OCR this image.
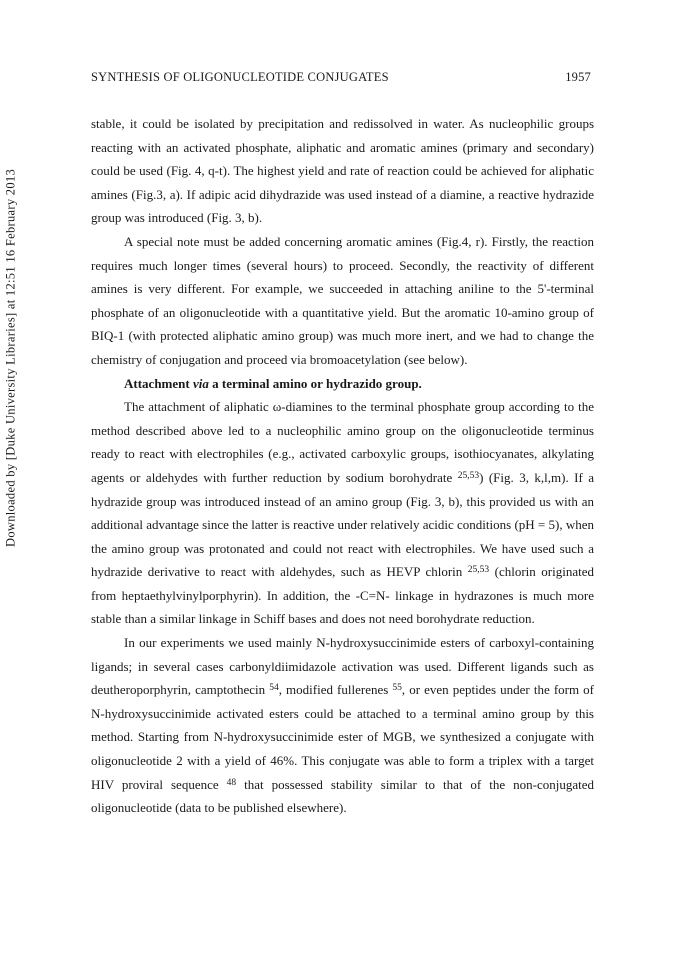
SYNTHESIS OF OLIGONUCLEOTIDE CONJUGATES	1957
Downloaded by [Duke University Libraries] at 12:51 16 February 2013

stable, it could be isolated by precipitation and redissolved in water. As nucleophilic groups reacting with an activated phosphate, aliphatic and aromatic amines (primary and secondary) could be used (Fig. 4, q-t). The highest yield and rate of reaction could be achieved for aliphatic amines (Fig.3, a). If adipic acid dihydrazide was used instead of a diamine, a reactive hydrazide group was introduced (Fig. 3, b).

A special note must be added concerning aromatic amines (Fig.4, r). Firstly, the reaction requires much longer times (several hours) to proceed. Secondly, the reactivity of different amines is very different. For example, we succeeded in attaching aniline to the 5'-terminal phosphate of an oligonucleotide with a quantitative yield. But the aromatic 10-amino group of BIQ-1 (with protected aliphatic amino group) was much more inert, and we had to change the chemistry of conjugation and proceed via bromoacetylation (see below).

Attachment via a terminal amino or hydrazido group.

The attachment of aliphatic ω-diamines to the terminal phosphate group according to the method described above led to a nucleophilic amino group on the oligonucleotide terminus ready to react with electrophiles (e.g., activated carboxylic groups, isothiocyanates, alkylating agents or aldehydes with further reduction by sodium borohydrate $^{25,53}$) (Fig. 3, k,l,m). If a hydrazide group was introduced instead of an amino group (Fig. 3, b), this provided us with an additional advantage since the latter is reactive under relatively acidic conditions (pH = 5), when the amino group was protonated and could not react with electrophiles. We have used such a hydrazide derivative to react with aldehydes, such as HEVP chlorin $^{25,53}$ (chlorin originated from heptaethylvinylporphyrin). In addition, the -C=N- linkage in hydrazones is much more stable than a similar linkage in Schiff bases and does not need borohydrate reduction.

In our experiments we used mainly N-hydroxysuccinimide esters of carboxyl-containing ligands; in several cases carbonyldiimidazole activation was used. Different ligands such as deutheroporphyrin, camptothecin $^{54}$, modified fullerenes $^{55}$, or even peptides under the form of N-hydroxysuccinimide activated esters could be attached to a terminal amino group by this method. Starting from N-hydroxysuccinimide ester of MGB, we synthesized a conjugate with oligonucleotide 2 with a yield of 46%. This conjugate was able to form a triplex with a target HIV proviral sequence $^{48}$ that possessed stability similar to that of the non-conjugated oligonucleotide (data to be published elsewhere).
